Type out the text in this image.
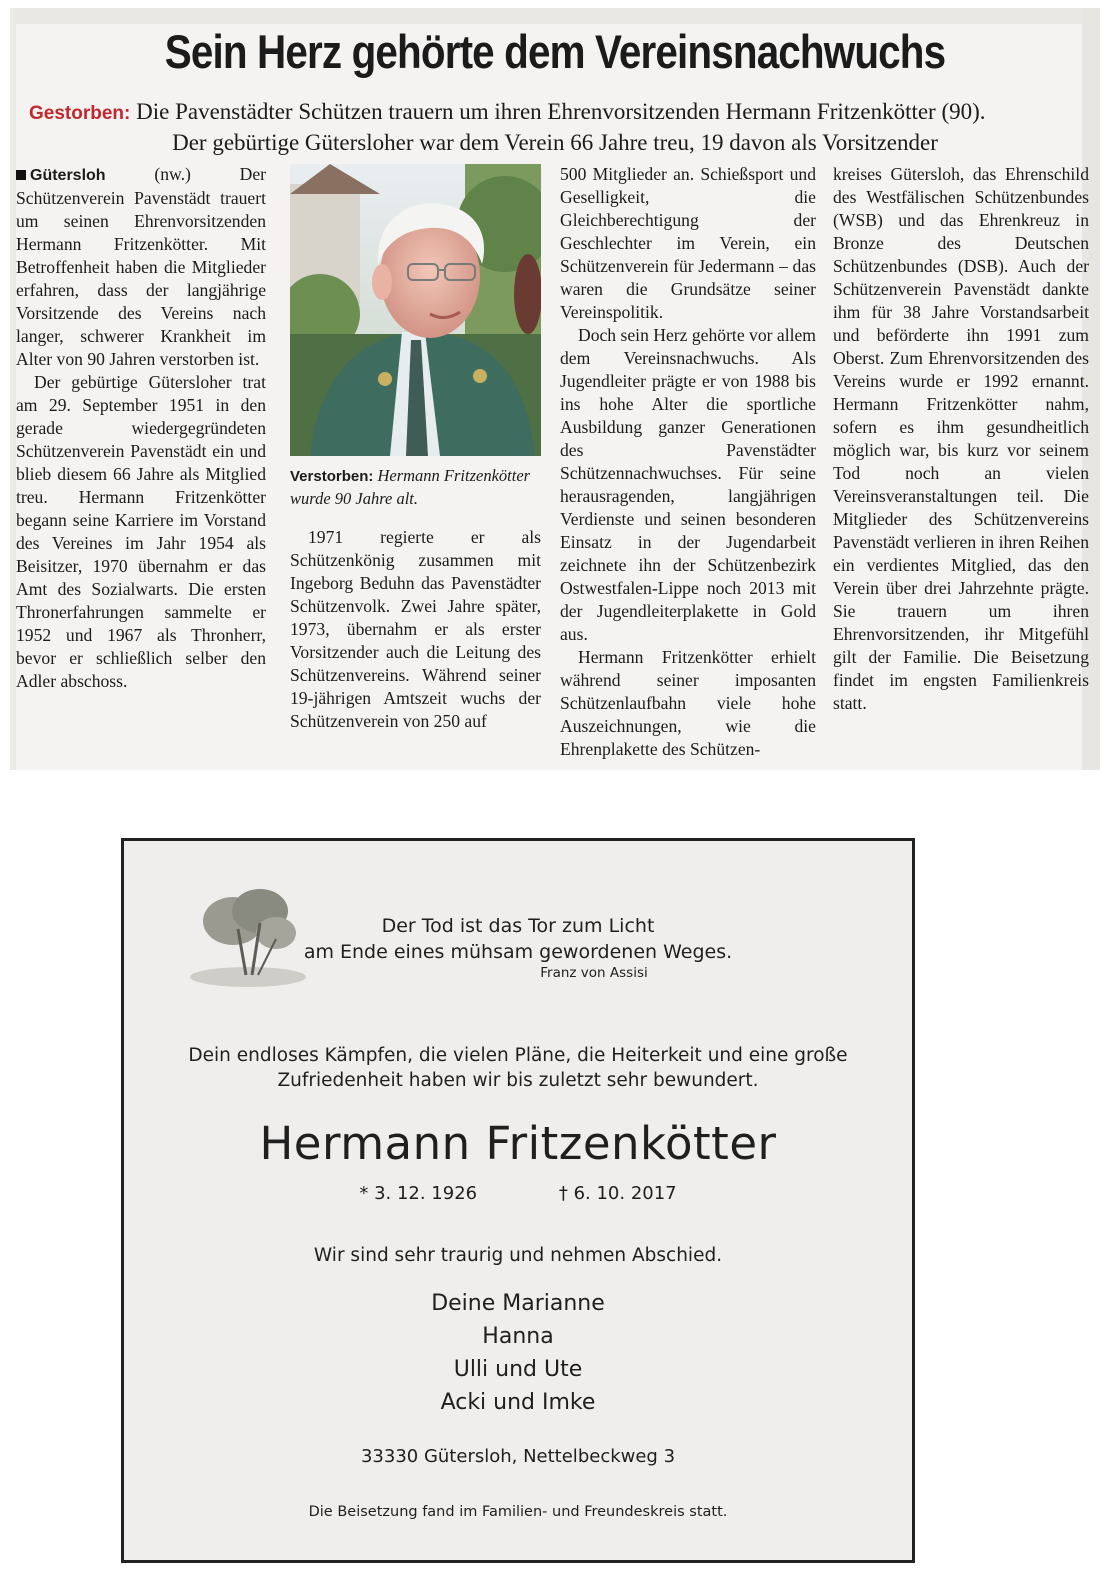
Sein Herz gehörte dem Vereinsnachwuchs
Gestorben: Die Pavenstädter Schützen trauern um ihren Ehrenvorsitzenden Hermann Fritzenkötter (90).
Der gebürtige Gütersloher war dem Verein 66 Jahre treu, 19 davon als Vorsitzender

Gütersloh	(nw.) Der Schützenverein Pavenstädt trauert um seinen Ehrenvorsitzenden Hermann Fritzenkötter. Mit Betroffenheit haben die Mitglieder erfahren, dass der langjährige Vorsitzende des Vereins nach langer, schwerer Krankheit im Alter von 90 Jahren verstorben ist.

Der gebürtige Gütersloher trat am 29. September 1951 in den gerade wiedergegründeten Schützenverein Pavenstädt ein und blieb diesem 66 Jahre als Mitglied treu. Hermann Fritzenkötter begann seine Karriere im Vorstand des Vereines im Jahr 1954 als Beisitzer, 1970 übernahm er das Amt des Sozialwarts. Die ersten Thronerfahrungen sammelte er 1952 und 1967 als Thronherr, bevor er schließlich selber den Adler abschoss.

Verstorben: Hermann Fritzenkötter wurde 90 Jahre alt.

1971 regierte er als Schützenkönig zusammen mit Ingeborg Beduhn das Pavenstädter Schützenvolk. Zwei Jahre später, 1973, übernahm er als erster Vorsitzender auch die Leitung des Schützenvereins. Während seiner 19-jährigen Amtszeit wuchs der Schützenverein von 250 auf

500 Mitglieder an. Schießsport und Geselligkeit, die Gleichberechtigung der Geschlechter im Verein, ein Schützenverein für Jedermann – das waren die Grundsätze seiner Vereinspolitik.

Doch sein Herz gehörte vor allem dem Vereinsnachwuchs. Als Jugendleiter prägte er von 1988 bis ins hohe Alter die sportliche Ausbildung ganzer Generationen des Pavenstädter Schützennachwuchses. Für seine herausragenden, langjährigen Verdienste und seinen besonderen Einsatz in der Jugendarbeit zeichnete ihn der Schützenbezirk Ostwestfalen-Lippe noch 2013 mit der Jugendleiterplakette in Gold aus.

Hermann Fritzenkötter erhielt während seiner imposanten Schützenlaufbahn viele hohe Auszeichnungen, wie die Ehrenplakette des Schützen-

kreises Gütersloh, das Ehrenschild des Westfälischen Schützenbundes (WSB) und das Ehrenkreuz in Bronze des Deutschen Schützenbundes (DSB). Auch der Schützenverein Pavenstädt dankte ihm für 38 Jahre Vorstandsarbeit und beförderte ihn 1991 zum Oberst. Zum Ehrenvorsitzenden des Vereins wurde er 1992 ernannt. Hermann Fritzenkötter nahm, sofern es ihm gesundheitlich möglich war, bis kurz vor seinem Tod noch an vielen Vereinsveranstaltungen teil. Die Mitglieder des Schützenvereins Pavenstädt verlieren in ihren Reihen ein verdientes Mitglied, das den Verein über drei Jahrzehnte prägte. Sie trauern um ihren Ehrenvorsitzenden, ihr Mitgefühl gilt der Familie. Die Beisetzung findet im engsten Familienkreis statt.

Der Tod ist das Tor zum Licht
am Ende eines mühsam gewordenen Weges.
Franz von Assisi
Dein endloses Kämpfen, die vielen Pläne, die Heiterkeit und eine große
Zufriedenheit haben wir bis zuletzt sehr bewundert.
Hermann Fritzenkötter
* 3. 12. 1926	† 6. 10. 2017
Wir sind sehr traurig und nehmen Abschied.
Deine Marianne
Hanna
Ulli und Ute
Acki und Imke
33330 Gütersloh, Nettelbeckweg 3
Die Beisetzung fand im Familien- und Freundeskreis statt.
